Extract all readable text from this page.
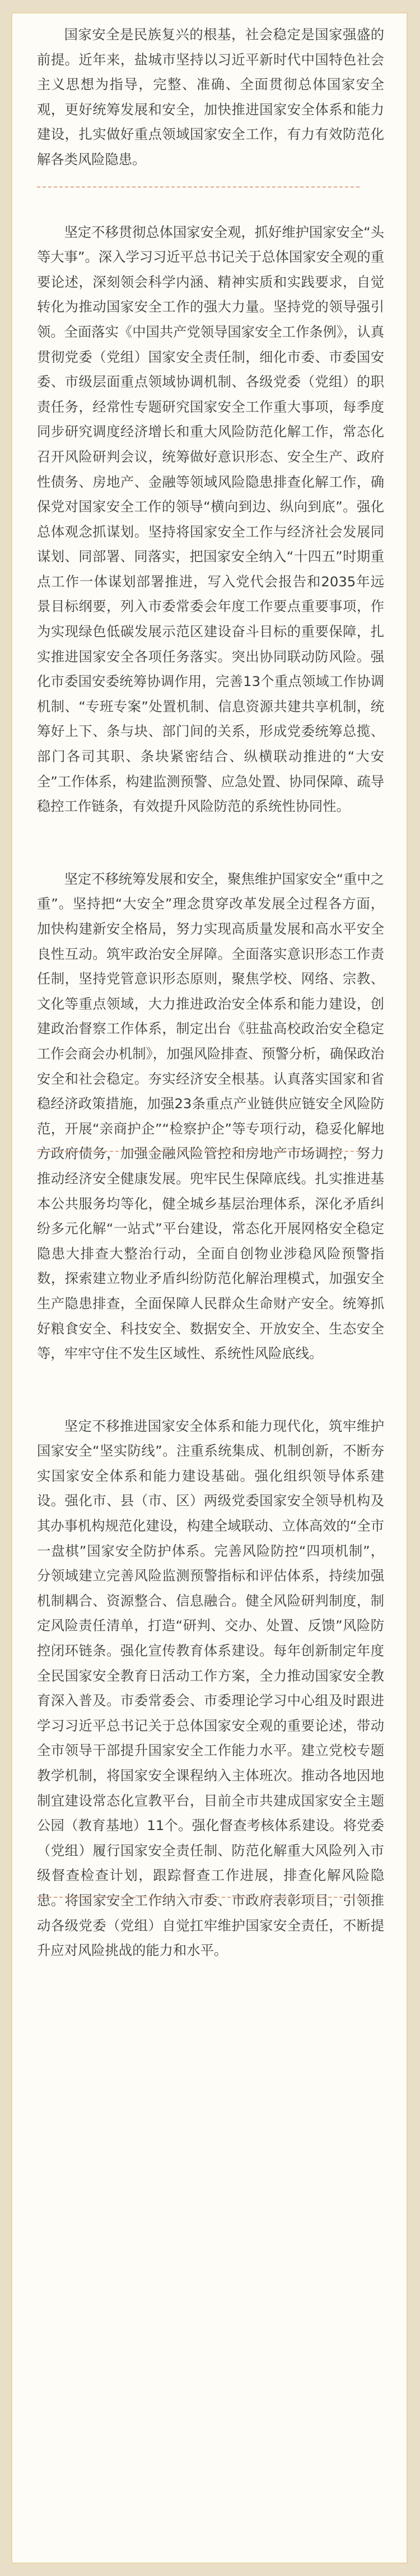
国家安全是民族复兴的根基，社会稳定是国家强盛的前提。近年来，盐城市坚持以习近平新时代中国特色社会主义思想为指导，完整、准确、全面贯彻总体国家安全观，更好统筹发展和安全，加快推进国家安全体系和能力建设，扎实做好重点领域国家安全工作，有力有效防范化解各类风险隐患。

坚定不移贯彻总体国家安全观，抓好维护国家安全“头等大事”。深入学习习近平总书记关于总体国家安全观的重要论述，深刻领会科学内涵、精神实质和实践要求，自觉转化为推动国家安全工作的强大力量。坚持党的领导强引领。全面落实《中国共产党领导国家安全工作条例》，认真贯彻党委（党组）国家安全责任制，细化市委、市委国安委、市级层面重点领域协调机制、各级党委（党组）的职责任务，经常性专题研究国家安全工作重大事项，每季度同步研究调度经济增长和重大风险防范化解工作，常态化召开风险研判会议，统筹做好意识形态、安全生产、政府性债务、房地产、金融等领域风险隐患排查化解工作，确保党对国家安全工作的领导“横向到边、纵向到底”。强化总体观念抓谋划。坚持将国家安全工作与经济社会发展同谋划、同部署、同落实，把国家安全纳入“十四五”时期重点工作一体谋划部署推进，写入党代会报告和2035年远景目标纲要，列入市委常委会年度工作要点重要事项，作为实现绿色低碳发展示范区建设奋斗目标的重要保障，扎实推进国家安全各项任务落实。突出协同联动防风险。强化市委国安委统筹协调作用，完善13个重点领域工作协调机制、“专班专案”处置机制、信息资源共建共享机制，统筹好上下、条与块、部门间的关系，形成党委统筹总揽、部门各司其职、条块紧密结合、纵横联动推进的“大安全”工作体系，构建监测预警、应急处置、协同保障、疏导稳控工作链条，有效提升风险防范的系统性协同性。

坚定不移统筹发展和安全，聚焦维护国家安全“重中之重”。坚持把“大安全”理念贯穿改革发展全过程各方面，加快构建新安全格局，努力实现高质量发展和高水平安全良性互动。筑牢政治安全屏障。全面落实意识形态工作责任制，坚持党管意识形态原则，聚焦学校、网络、宗教、文化等重点领域，大力推进政治安全体系和能力建设，创建政治督察工作体系，制定出台《驻盐高校政治安全稳定工作会商会办机制》，加强风险排查、预警分析，确保政治安全和社会稳定。夯实经济安全根基。认真落实国家和省稳经济政策措施，加强23条重点产业链供应链安全风险防范，开展“亲商护企”“检察护企”等专项行动，稳妥化解地方政府债务，加强金融风险管控和房地产市场调控，努力推动经济安全健康发展。兜牢民生保障底线。扎实推进基本公共服务均等化，健全城乡基层治理体系，深化矛盾纠纷多元化解“一站式”平台建设，常态化开展网格安全稳定隐患大排查大整治行动，全面自创物业涉稳风险预警指数，探索建立物业矛盾纠纷防范化解治理模式，加强安全生产隐患排查，全面保障人民群众生命财产安全。统筹抓好粮食安全、科技安全、数据安全、开放安全、生态安全等，牢牢守住不发生区域性、系统性风险底线。

坚定不移推进国家安全体系和能力现代化，筑牢维护国家安全“坚实防线”。注重系统集成、机制创新，不断夯实国家安全体系和能力建设基础。强化组织领导体系建设。强化市、县（市、区）两级党委国家安全领导机构及其办事机构规范化建设，构建全域联动、立体高效的“全市一盘棋”国家安全防护体系。完善风险防控“四项机制”，分领域建立完善风险监测预警指标和评估体系，持续加强机制耦合、资源整合、信息融合。健全风险研判制度，制定风险责任清单，打造“研判、交办、处置、反馈”风险防控闭环链条。强化宣传教育体系建设。每年创新制定年度全民国家安全教育日活动工作方案，全力推动国家安全教育深入普及。市委常委会、市委理论学习中心组及时跟进学习习近平总书记关于总体国家安全观的重要论述，带动全市领导干部提升国家安全工作能力水平。建立党校专题教学机制，将国家安全课程纳入主体班次。推动各地因地制宜建设常态化宣教平台，目前全市共建成国家安全主题公园（教育基地）11个。强化督查考核体系建设。将党委（党组）履行国家安全责任制、防范化解重大风险列入市级督查检查计划，跟踪督查工作进展，排查化解风险隐患。将国家安全工作纳入市委、市政府表彰项目，引领推动各级党委（党组）自觉扛牢维护国家安全责任，不断提升应对风险挑战的能力和水平。
